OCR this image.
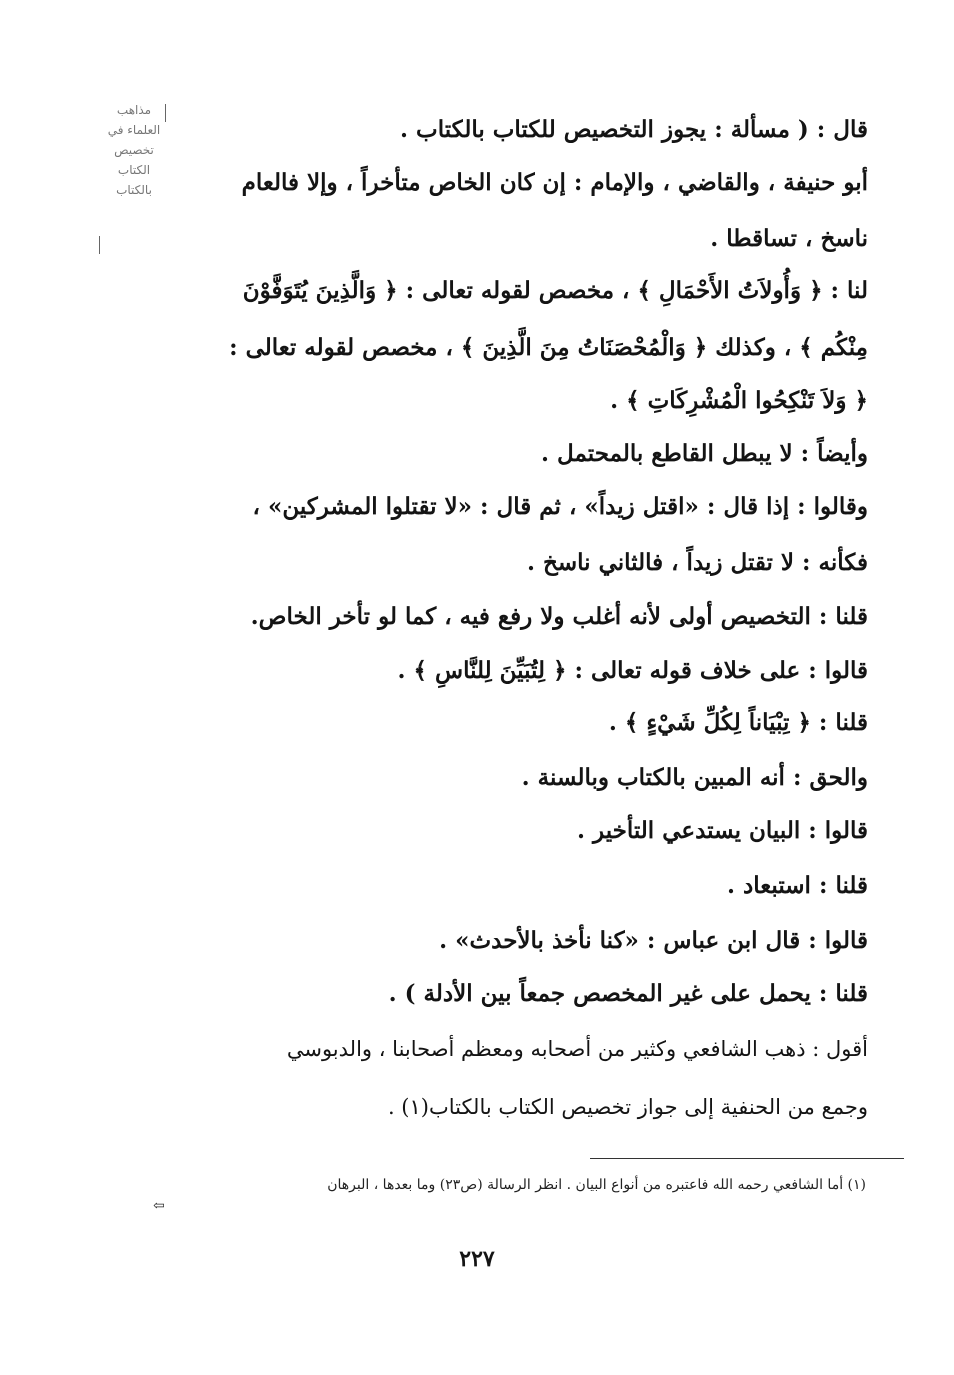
مذاهب
العلماء في
تخصيص
الكتاب
بالكتاب
قال : ( مسألة : يجوز التخصيص للكتاب بالكتاب .
أبو حنيفة ، والقاضي ، والإمام : إن كان الخاص متأخراً ، وإلا فالعام
ناسخ ، تساقطا .
لنا : ﴿ وَأُولاَتُ الأَحْمَالِ ﴾ ، مخصص لقوله تعالى : ﴿ وَالَّذِينَ يُتَوَفَّوْنَ
مِنْكُم ﴾ ، وكذلك ﴿ وَالْمُحْصَنَاتُ مِنَ الَّذِينَ ﴾ ، مخصص لقوله تعالى :
﴿ وَلاَ تَنْكِحُوا الْمُشْرِكَاتِ ﴾ .
وأيضاً : لا يبطل القاطع بالمحتمل .
وقالوا : إذا قال : «اقتل زيداً» ، ثم قال : «لا تقتلوا المشركين» ،
فكأنه : لا تقتل زيداً ، فالثاني ناسخ .
قلنا : التخصيص أولى لأنه أغلب ولا رفع فيه ، كما لو تأخر الخاص.
قالوا : على خلاف قوله تعالى : ﴿ لِتُبَيِّنَ لِلنَّاسِ ﴾ .
قلنا : ﴿ تِبْيَاناً لِكُلِّ شَيْءٍ ﴾ .
والحق : أنه المبين بالكتاب وبالسنة .
قالوا : البيان يستدعي التأخير .
قلنا : استبعاد .
قالوا : قال ابن عباس : «كنا نأخذ بالأحدث» .
قلنا : يحمل على غير المخصص جمعاً بين الأدلة ) .
أقول : ذهب الشافعي وكثير من أصحابه ومعظم أصحابنا ، والدبوسي
وجمع من الحنفية إلى جواز تخصيص الكتاب بالكتاب(١) .
(١) أما الشافعي رحمه الله فاعتبره من أنواع البيان . انظر الرسالة (ص٢٣) وما بعدها ، البرهان
⇦
٢٢٧
